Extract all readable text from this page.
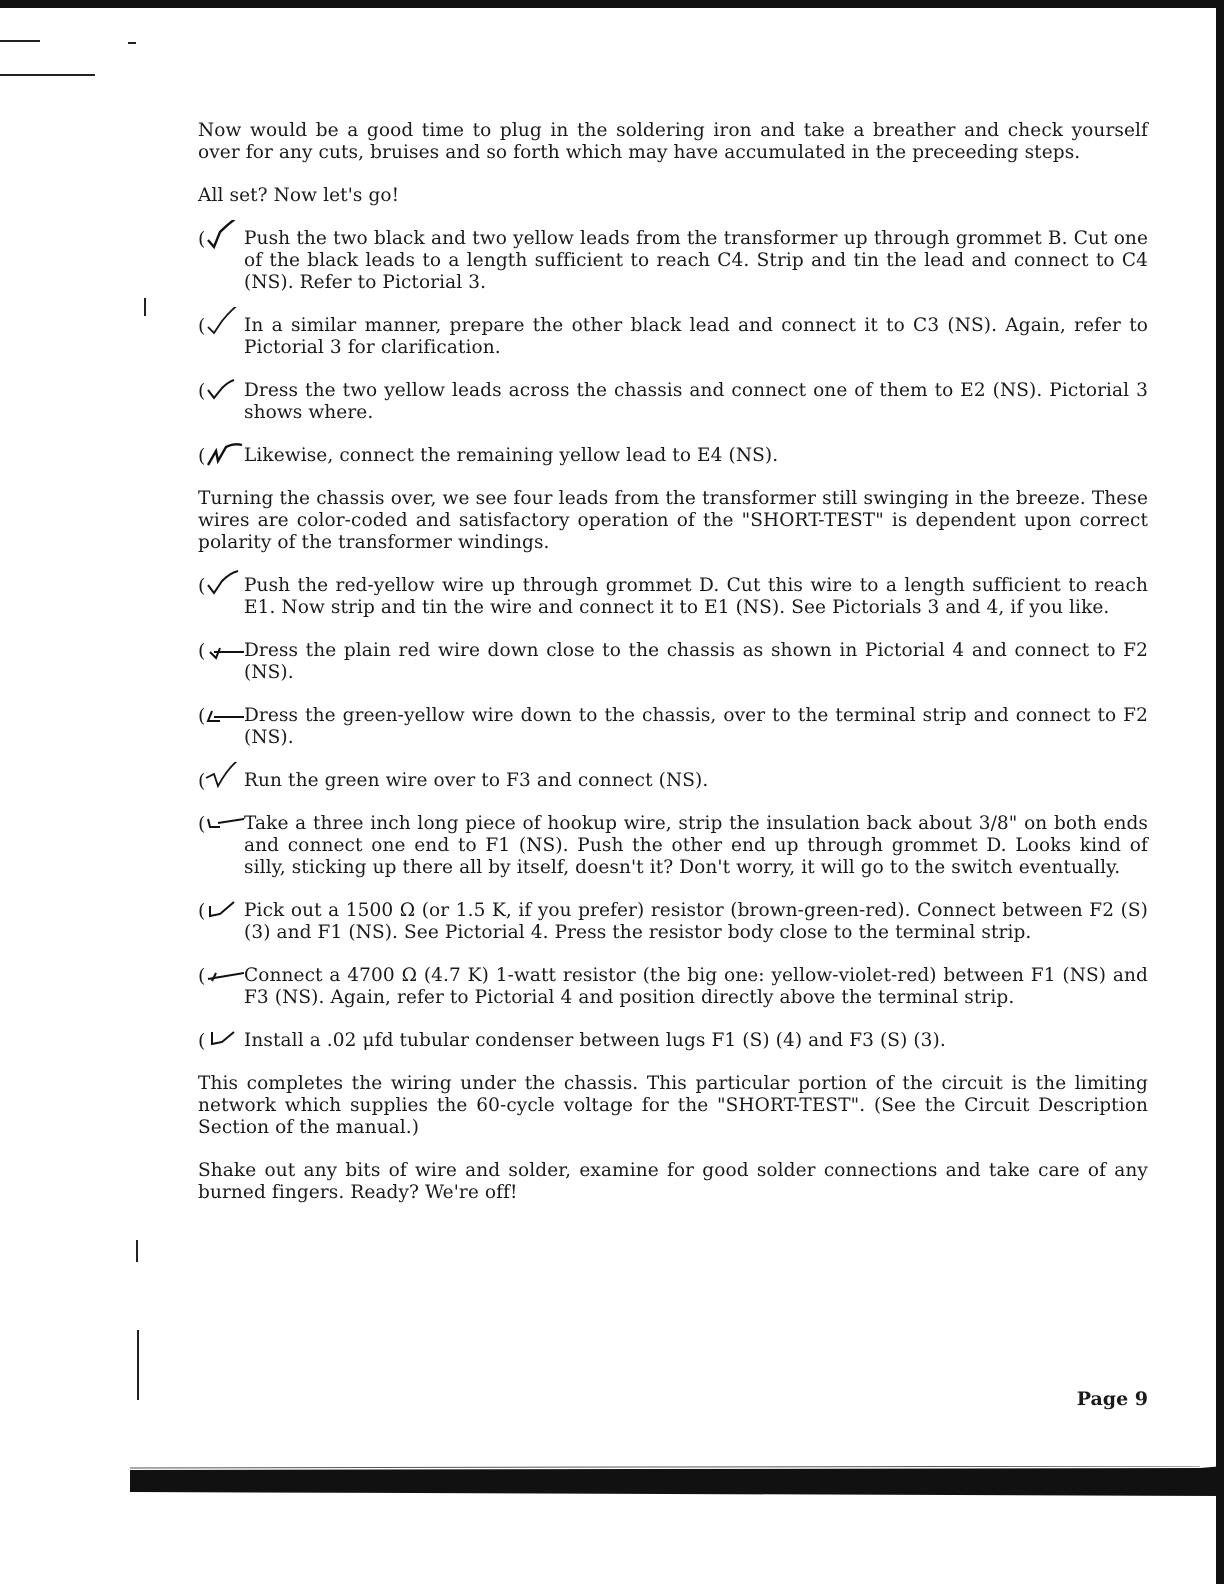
Now would be a good time to plug in the soldering iron and take a breather and check yourself over for any cuts, bruises and so forth which may have accumulated in the preceeding steps.

All set? Now let's go!

( Push the two black and two yellow leads from the transformer up through grommet B. Cut one of the black leads to a length sufficient to reach C4. Strip and tin the lead and connect to C4 (NS). Refer to Pictorial 3.
( In a similar manner, prepare the other black lead and connect it to C3 (NS). Again, refer to Pictorial 3 for clarification.
( Dress the two yellow leads across the chassis and connect one of them to E2 (NS). Pictorial 3 shows where.
( Likewise, connect the remaining yellow lead to E4 (NS).

Turning the chassis over, we see four leads from the transformer still swinging in the breeze. These wires are color-coded and satisfactory operation of the "SHORT-TEST" is dependent upon correct polarity of the transformer windings.

( Push the red-yellow wire up through grommet D. Cut this wire to a length sufficient to reach E1. Now strip and tin the wire and connect it to E1 (NS). See Pictorials 3 and 4, if you like.
( Dress the plain red wire down close to the chassis as shown in Pictorial 4 and connect to F2 (NS).
( Dress the green-yellow wire down to the chassis, over to the terminal strip and connect to F2 (NS).
( Run the green wire over to F3 and connect (NS).
( Take a three inch long piece of hookup wire, strip the insulation back about 3/8" on both ends and connect one end to F1 (NS). Push the other end up through grommet D. Looks kind of silly, sticking up there all by itself, doesn't it? Don't worry, it will go to the switch eventually.
( Pick out a 1500 Ω (or 1.5 K, if you prefer) resistor (brown-green-red). Connect between F2 (S) (3) and F1 (NS). See Pictorial 4. Press the resistor body close to the terminal strip.
( Connect a 4700 Ω (4.7 K) 1-watt resistor (the big one: yellow-violet-red) between F1 (NS) and F3 (NS). Again, refer to Pictorial 4 and position directly above the terminal strip.
( Install a .02 μfd tubular condenser between lugs F1 (S) (4) and F3 (S) (3).

This completes the wiring under the chassis. This particular portion of the circuit is the limiting network which supplies the 60-cycle voltage for the "SHORT-TEST". (See the Circuit Description Section of the manual.)

Shake out any bits of wire and solder, examine for good solder connections and take care of any burned fingers. Ready? We're off!

Page 9
